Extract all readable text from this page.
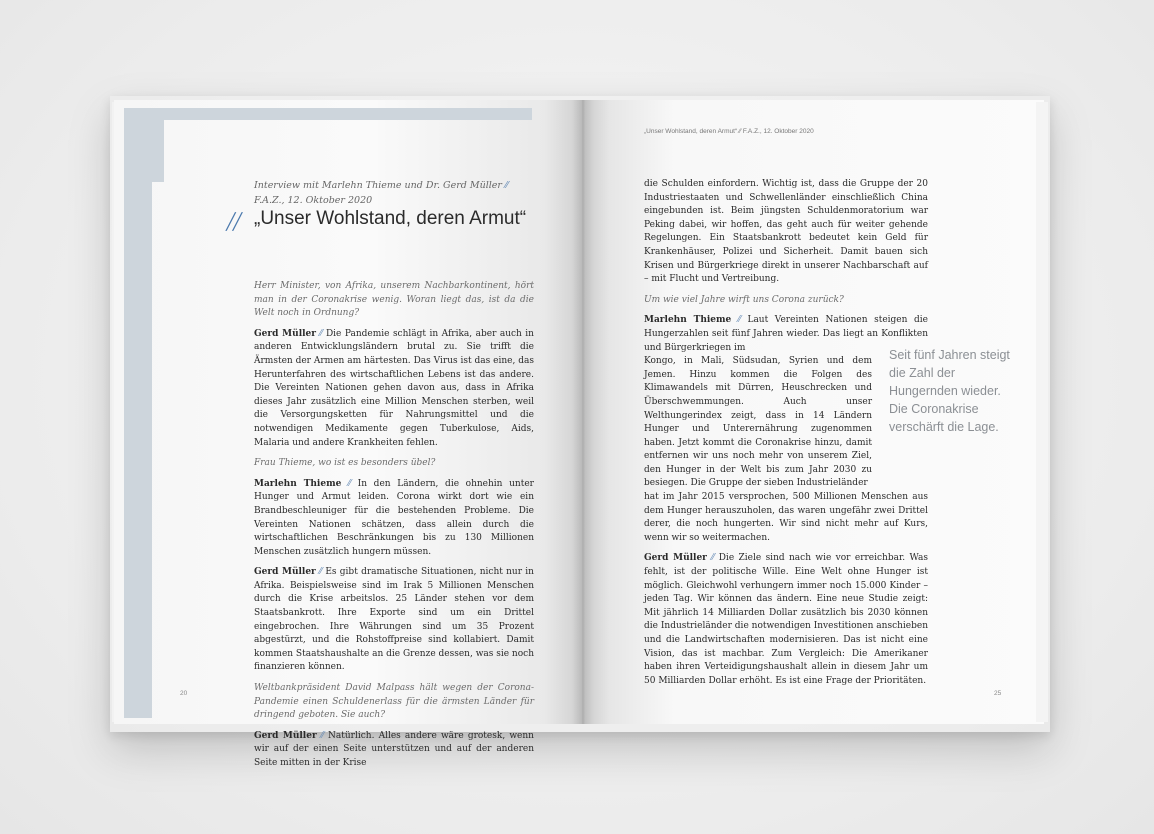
Interview mit Marlehn Thieme und Dr. Gerd Müller ⁄⁄
F.A.Z., 12. Oktober 2020
╱╱ „Unser Wohlstand, deren Armut“

Herr Minister, von Afrika, unserem Nachbarkontinent, hört man in der Coronakrise wenig. Woran liegt das, ist da die Welt noch in Ordnung?

Gerd Müller ⁄⁄ Die Pandemie schlägt in Afrika, aber auch in anderen Entwicklungsländern brutal zu. Sie trifft die Ärmsten der Armen am härtesten. Das Virus ist das eine, das Herunterfahren des wirtschaftlichen Lebens ist das andere. Die Vereinten Nationen gehen davon aus, dass in Afrika dieses Jahr zusätzlich eine Million Menschen sterben, weil die Versorgungsketten für Nahrungsmittel und die notwendigen Medikamente gegen Tuberkulose, Aids, Malaria und andere Krankheiten fehlen.

Frau Thieme, wo ist es besonders übel?

Marlehn Thieme ⁄⁄ In den Ländern, die ohnehin unter Hunger und Armut leiden. Corona wirkt dort wie ein Brandbeschleuniger für die bestehenden Probleme. Die Vereinten Nationen schätzen, dass allein durch die wirtschaftlichen Beschränkungen bis zu 130 Millionen Menschen zusätzlich hungern müssen.

Gerd Müller ⁄⁄ Es gibt dramatische Situationen, nicht nur in Afrika. Beispielsweise sind im Irak 5 Millionen Menschen durch die Krise arbeitslos. 25 Länder stehen vor dem Staatsbankrott. Ihre Exporte sind um ein Drittel eingebrochen. Ihre Währungen sind um 35 Prozent abgestürzt, und die Rohstoffpreise sind kollabiert. Damit kommen Staatshaushalte an die Grenze dessen, was sie noch finanzieren können.

Weltbankpräsident David Malpass hält wegen der Corona-Pandemie einen Schuldenerlass für die ärmsten Länder für dringend geboten. Sie auch?

Gerd Müller ⁄⁄ Natürlich. Alles andere wäre grotesk, wenn wir auf der einen Seite unterstützen und auf der anderen Seite mitten in der Krise

20
„Unser Wohlstand, deren Armut“ ⁄⁄ F.A.Z., 12. Oktober 2020

die Schulden einfordern. Wichtig ist, dass die Gruppe der 20 Industriestaaten und Schwellenländer einschließlich China eingebunden ist. Beim jüngsten Schuldenmoratorium war Peking dabei, wir hoffen, das geht auch für weiter gehende Regelungen. Ein Staatsbankrott bedeutet kein Geld für Krankenhäuser, Polizei und Sicherheit. Damit bauen sich Krisen und Bürgerkriege direkt in unserer Nachbarschaft auf – mit Flucht und Vertreibung.

Um wie viel Jahre wirft uns Corona zurück?

Marlehn Thieme ⁄⁄ Laut Vereinten Nationen steigen die Hungerzahlen seit fünf Jahren wieder. Das liegt an Konflikten und Bürgerkriegen im

Kongo, in Mali, Südsudan, Syrien und dem Jemen. Hinzu kommen die Folgen des Klimawandels mit Dürren, Heuschrecken und Überschwemmungen. Auch unser Welthungerindex zeigt, dass in 14 Ländern Hunger und Unterernährung zugenommen haben. Jetzt kommt die Coronakrise hinzu, damit entfernen wir uns noch mehr von unserem Ziel, den Hunger in der Welt bis zum Jahr 2030 zu besiegen. Die Gruppe der sieben Industrieländer

hat im Jahr 2015 versprochen, 500 Millionen Menschen aus dem Hunger herauszuholen, das waren ungefähr zwei Drittel derer, die noch hungerten. Wir sind nicht mehr auf Kurs, wenn wir so weitermachen.

Gerd Müller ⁄⁄ Die Ziele sind nach wie vor erreichbar. Was fehlt, ist der politische Wille. Eine Welt ohne Hunger ist möglich. Gleichwohl verhungern immer noch 15.000 Kinder – jeden Tag. Wir können das ändern. Eine neue Studie zeigt: Mit jährlich 14 Milliarden Dollar zusätzlich bis 2030 können die Industrieländer die notwendigen Investitionen anschieben und die Landwirtschaften modernisieren. Das ist nicht eine Vision, das ist machbar. Zum Vergleich: Die Amerikaner haben ihren Verteidigungshaushalt allein in diesem Jahr um 50 Milliarden Dollar erhöht. Es ist eine Frage der Prioritäten.

Seit fünf Jahren steigt die Zahl der Hungernden wieder. Die Coronakrise verschärft die Lage.
25
